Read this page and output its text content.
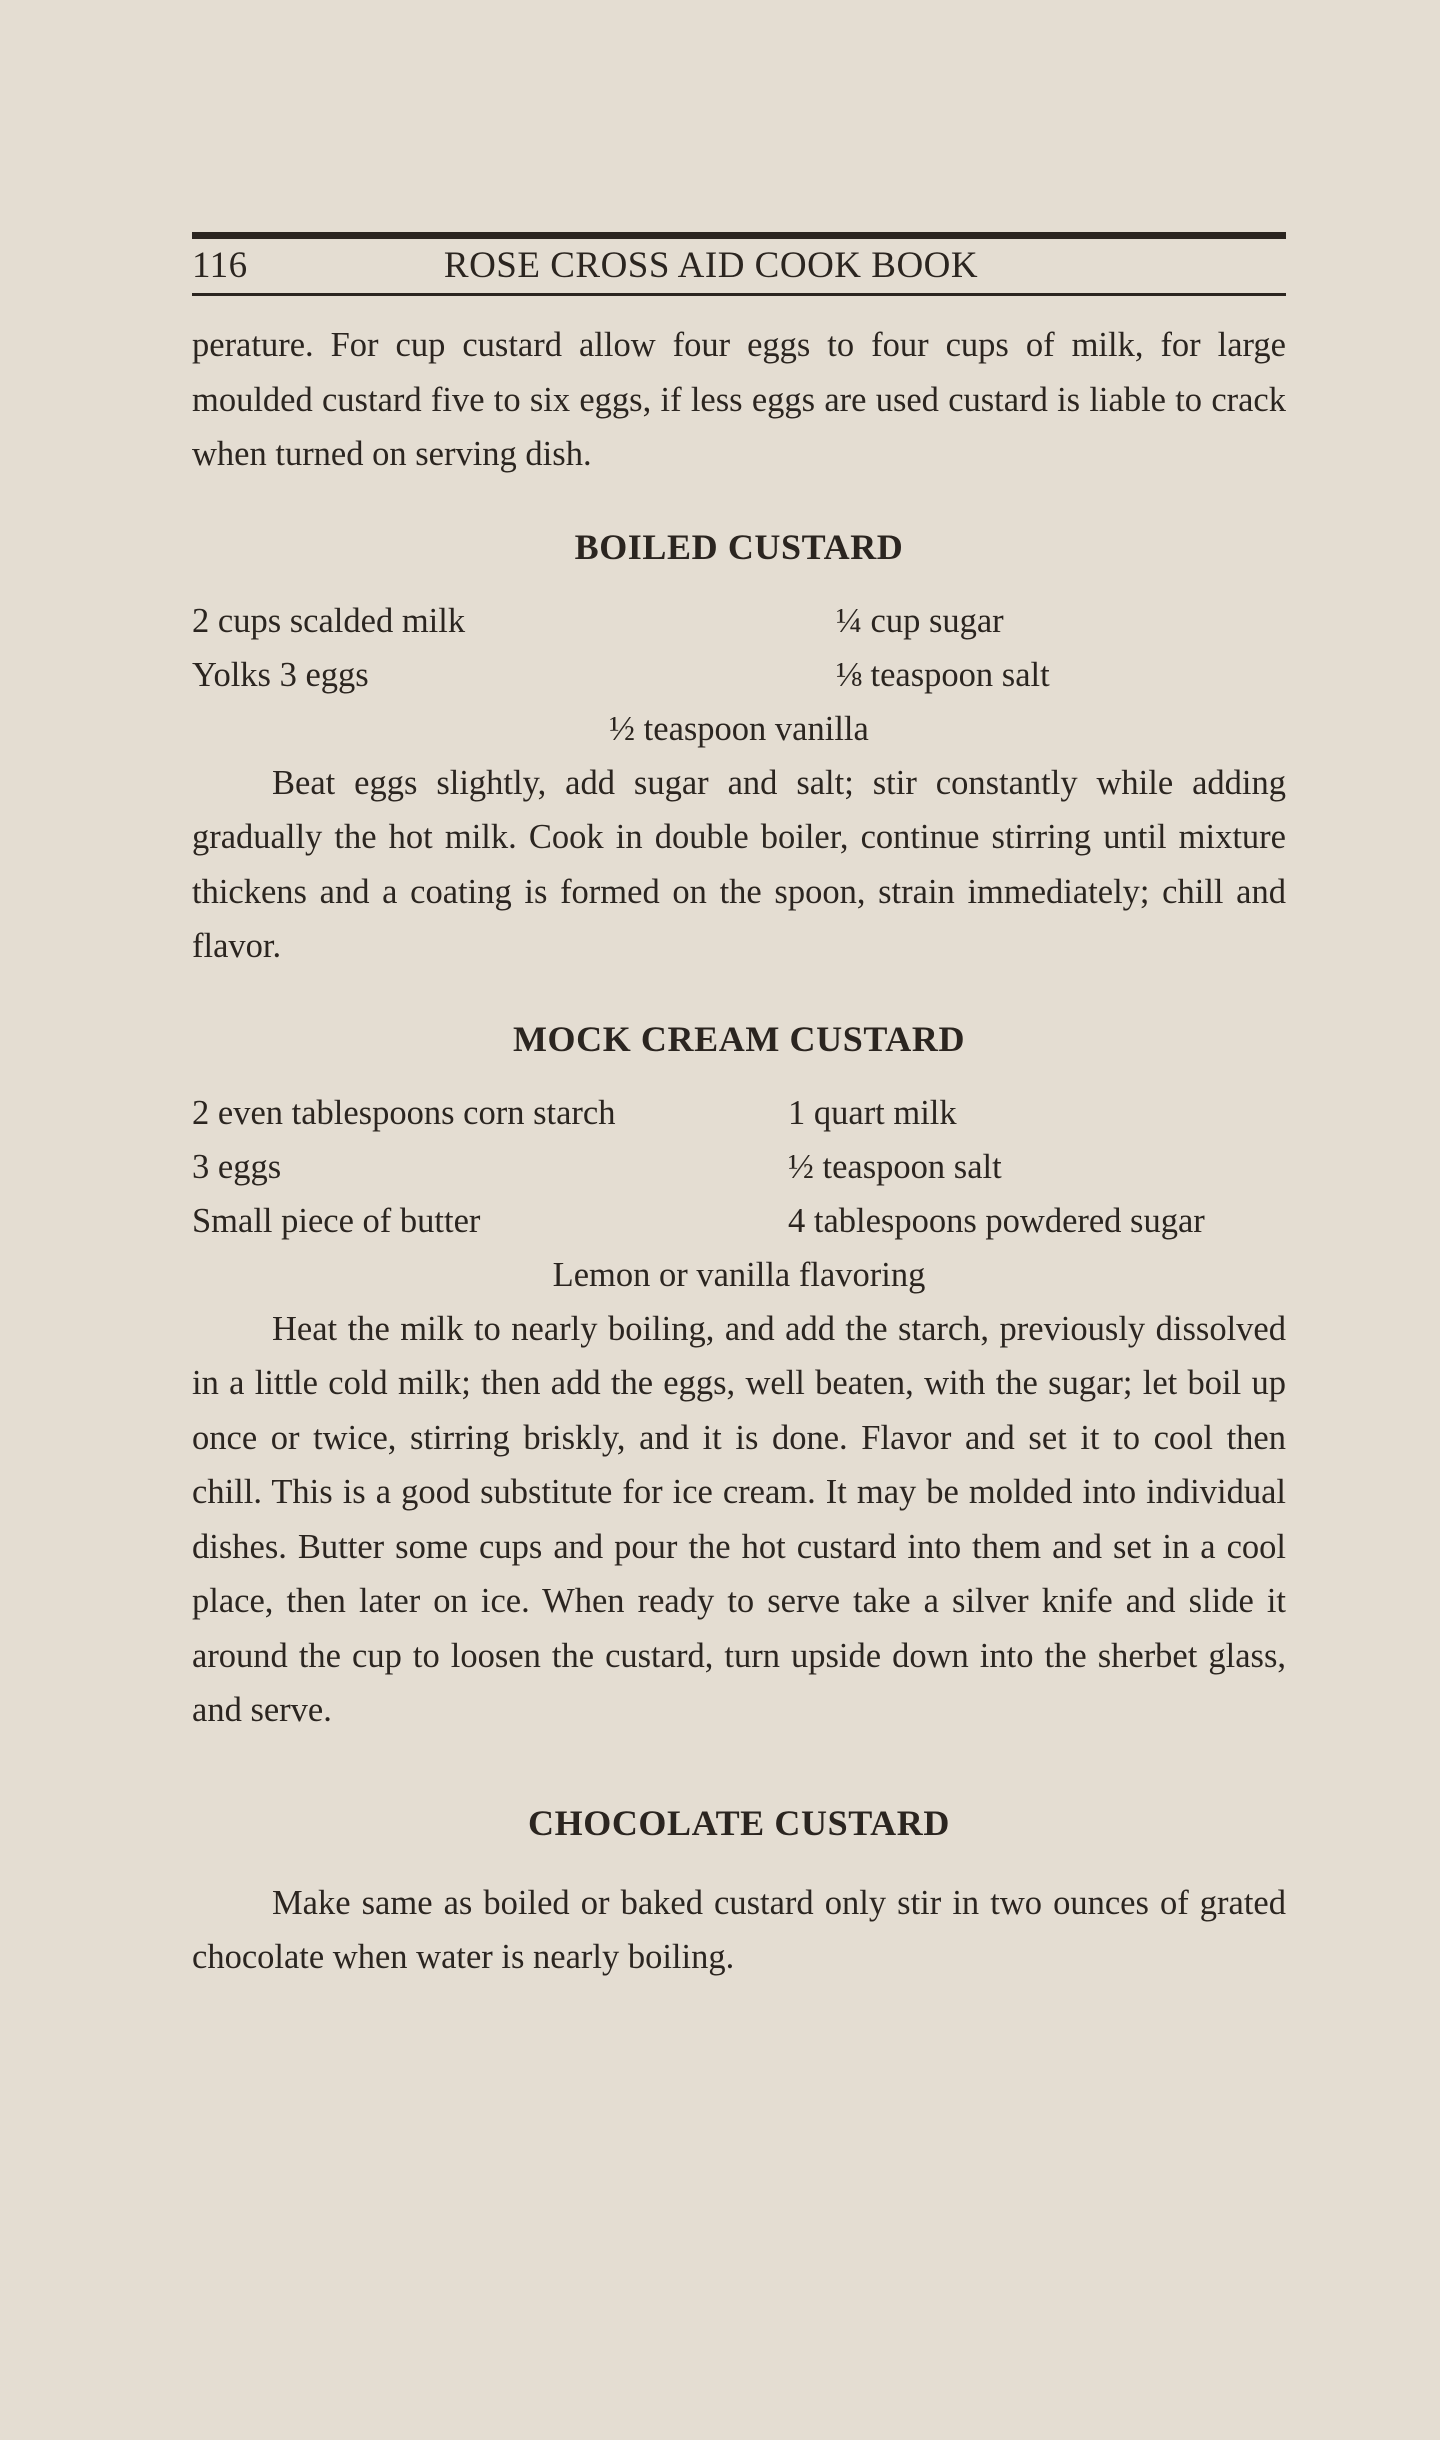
116	ROSE CROSS AID COOK BOOK

perature. For cup custard allow four eggs to four cups of milk, for large moulded custard five to six eggs, if less eggs are used custard is liable to crack when turned on serving dish.

BOILED CUSTARD
2 cups scalded milk	¼ cup sugar
Yolks 3 eggs	⅛ teaspoon salt
½ teaspoon vanilla

Beat eggs slightly, add sugar and salt; stir constantly while adding gradually the hot milk. Cook in double boiler, continue stirring until mixture thickens and a coating is formed on the spoon, strain immediately; chill and flavor.

MOCK CREAM CUSTARD
2 even tablespoons corn starch	1 quart milk
3 eggs	½ teaspoon salt
Small piece of butter	4 tablespoons powdered sugar
Lemon or vanilla flavoring

Heat the milk to nearly boiling, and add the starch, previously dissolved in a little cold milk; then add the eggs, well beaten, with the sugar; let boil up once or twice, stirring briskly, and it is done. Flavor and set it to cool then chill. This is a good substitute for ice cream. It may be molded into individual dishes. Butter some cups and pour the hot custard into them and set in a cool place, then later on ice. When ready to serve take a silver knife and slide it around the cup to loosen the custard, turn upside down into the sherbet glass, and serve.

CHOCOLATE CUSTARD

Make same as boiled or baked custard only stir in two ounces of grated chocolate when water is nearly boiling.
